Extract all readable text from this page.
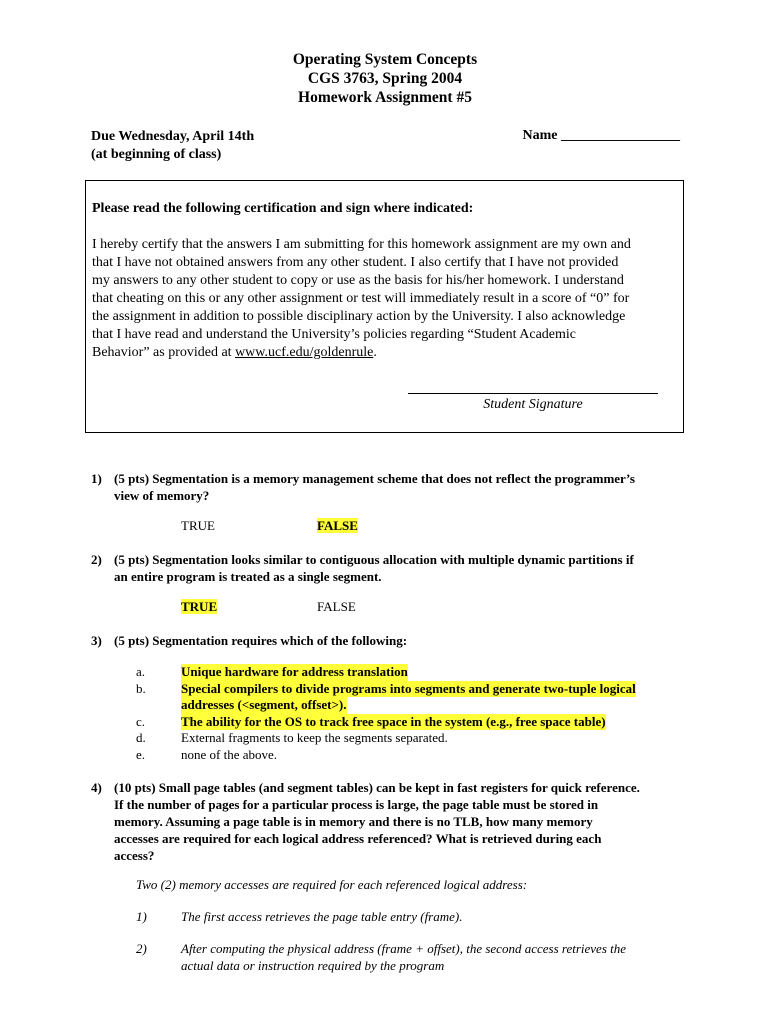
Operating System Concepts
CGS 3763, Spring 2004
Homework Assignment #5
Due Wednesday, April 14th
(at beginning of class)
Name _________________
Please read the following certification and sign where indicated:
I hereby certify that the answers I am submitting for this homework assignment are my own and
that I have not obtained answers from any other student. I also certify that I have not provided
my answers to any other student to copy or use as the basis for his/her homework. I understand
that cheating on this or any other assignment or test will immediately result in a score of “0” for
the assignment in addition to possible disciplinary action by the University. I also acknowledge
that I have read and understand the University’s policies regarding “Student Academic
Behavior” as provided at www.ucf.edu/goldenrule.
Student Signature
1) (5 pts) Segmentation is a memory management scheme that does not reflect the programmer’s
view of memory?
TRUE	FALSE
2) (5 pts) Segmentation looks similar to contiguous allocation with multiple dynamic partitions if
an entire program is treated as a single segment.
TRUE	FALSE
3) (5 pts) Segmentation requires which of the following:
a.	Unique hardware for address translation
b.	Special compilers to divide programs into segments and generate two-tuple logical
addresses (<segment, offset>).
c.	The ability for the OS to track free space in the system (e.g., free space table)
d.	External fragments to keep the segments separated.
e.	none of the above.
4) (10 pts) Small page tables (and segment tables) can be kept in fast registers for quick reference.
If the number of pages for a particular process is large, the page table must be stored in
memory. Assuming a page table is in memory and there is no TLB, how many memory
accesses are required for each logical address referenced? What is retrieved during each
access?
Two (2) memory accesses are required for each referenced logical address:
1)	The first access retrieves the page table entry (frame).
2)	After computing the physical address (frame + offset), the second access retrieves the
actual data or instruction required by the program
